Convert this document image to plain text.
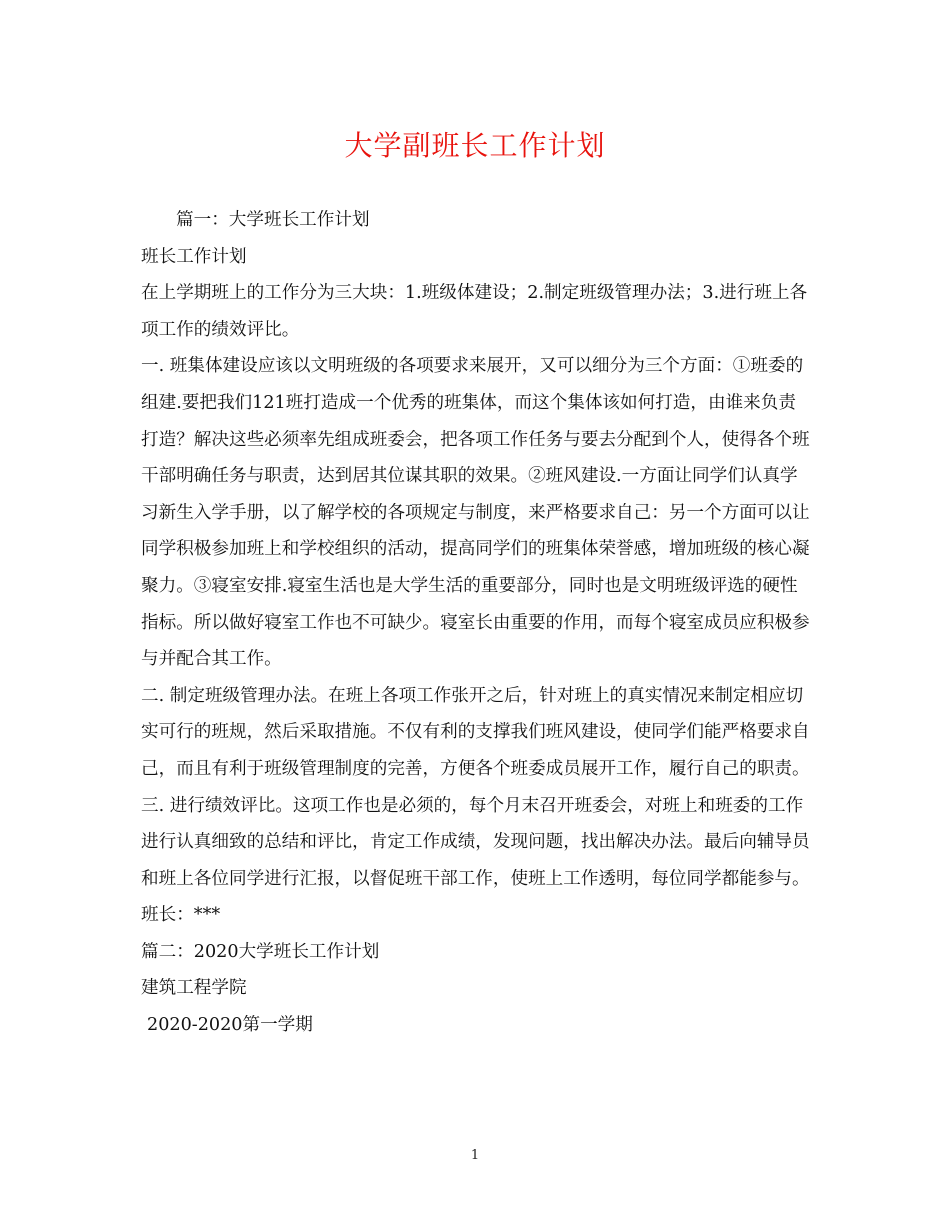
大学副班长工作计划

篇一：大学班长工作计划

班长工作计划

在上学期班上的工作分为三大块：1.班级体建设；2.制定班级管理办法；3.进行班上各项工作的绩效评比。

一. 班集体建设应该以文明班级的各项要求来展开，又可以细分为三个方面：①班委的组建.要把我们121班打造成一个优秀的班集体，而这个集体该如何打造，由谁来负责打造？解决这些必须率先组成班委会，把各项工作任务与要去分配到个人，使得各个班干部明确任务与职责，达到居其位谋其职的效果。②班风建设.一方面让同学们认真学习新生入学手册，以了解学校的各项规定与制度，来严格要求自己：另一个方面可以让同学积极参加班上和学校组织的活动，提高同学们的班集体荣誉感，增加班级的核心凝聚力。③寝室安排.寝室生活也是大学生活的重要部分，同时也是文明班级评选的硬性指标。所以做好寝室工作也不可缺少。寝室长由重要的作用，而每个寝室成员应积极参与并配合其工作。

二. 制定班级管理办法。在班上各项工作张开之后，针对班上的真实情况来制定相应切实可行的班规，然后采取措施。不仅有利的支撑我们班风建设，使同学们能严格要求自己，而且有利于班级管理制度的完善，方便各个班委成员展开工作，履行自己的职责。

三. 进行绩效评比。这项工作也是必须的，每个月末召开班委会，对班上和班委的工作进行认真细致的总结和评比，肯定工作成绩，发现问题，找出解决办法。最后向辅导员和班上各位同学进行汇报，以督促班干部工作，使班上工作透明，每位同学都能参与。

班长：***

篇二：2020大学班长工作计划

建筑工程学院

2020-2020第一学期

1
